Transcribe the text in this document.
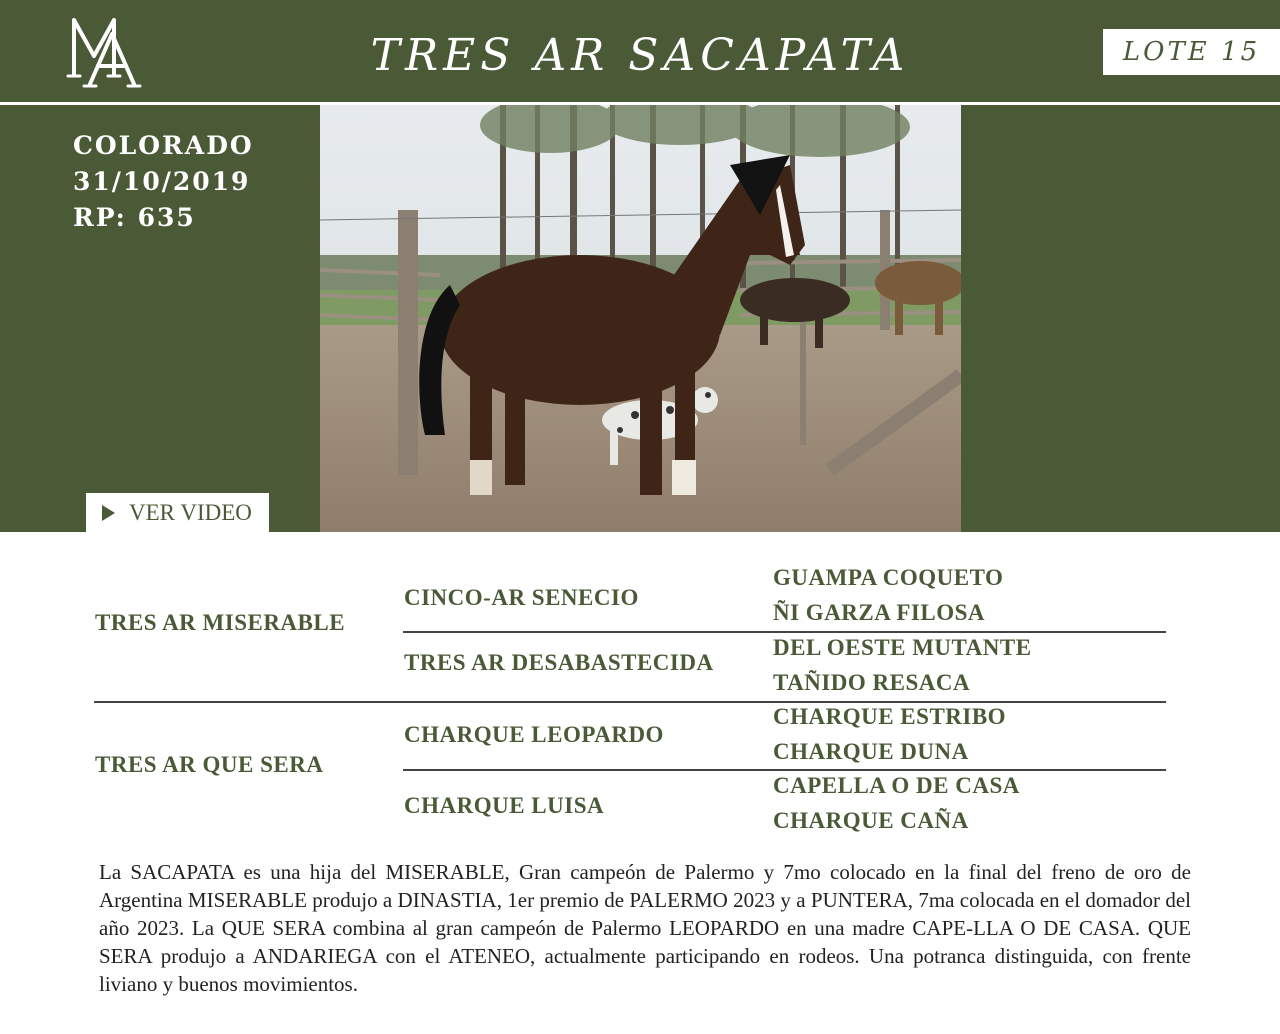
TRES AR SACAPATA	LOTE 15
COLORADO
31/10/2019
RP: 635
VER VIDEO
TRES AR MISERABLE
TRES AR QUE SERA
CINCO-AR SENECIO
TRES AR DESABASTECIDA
CHARQUE LEOPARDO
CHARQUE LUISA
GUAMPA COQUETO
ÑI GARZA FILOSA
DEL OESTE MUTANTE
TAÑIDO RESACA
CHARQUE ESTRIBO
CHARQUE DUNA
CAPELLA O DE CASA
CHARQUE CAÑA
La SACAPATA es una hija del MISERABLE, Gran campeón de Palermo y 7mo colocado en la final del freno de oro de Argentina MISERABLE produjo a DINASTIA, 1er premio de PALERMO 2023 y a PUNTERA, 7ma colocada en el domador del año 2023. La QUE SERA combina al gran campeón de Palermo LEOPARDO en una madre CAPE-LLA O DE CASA. QUE SERA produjo a ANDARIEGA con el ATENEO, actualmente participando en rodeos. Una potranca distinguida, con frente liviano y buenos movimientos.
